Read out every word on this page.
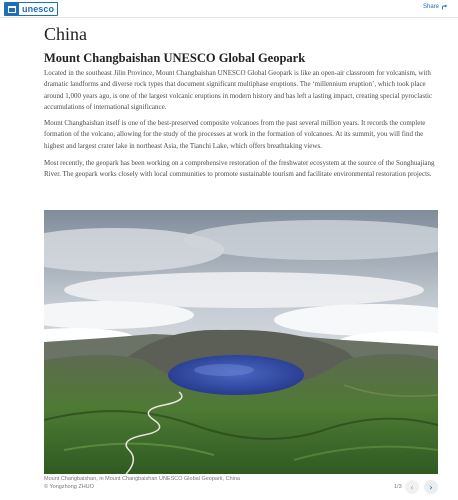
unesco	Share
China
Mount Changbaishan UNESCO Global Geopark

Located in the southeast Jilin Province, Mount Changbaishan UNESCO Global Geopark is like an open-air classroom for volcanism, with dramatic landforms and diverse rock types that document significant multiphase eruptions. The ‘millennium eruption’, which took place around 1,000 years ago, is one of the largest volcanic eruptions in modern history and has left a lasting impact, creating special pyroclastic accumulations of international significance.

Mount Changbaishan itself is one of the best-preserved composite volcanoes from the past several million years. It records the complete formation of the volcano, allowing for the study of the processes at work in the formation of volcanoes. At its summit, you will find the highest and largest crater lake in northeast Asia, the Tianchi Lake, which offers breathtaking views.

Most recently, the geopark has been working on a comprehensive restoration of the freshwater ecosystem at the source of the Songhuajiang River. The geopark works closely with local communities to promote sustainable tourism and facilitate environmental restoration projects.

Mount Changbaishan, in Mount Changbaishan UNESCO Global Geopark, China
© Yongzhong ZHUO	1/3 ‹ ›
